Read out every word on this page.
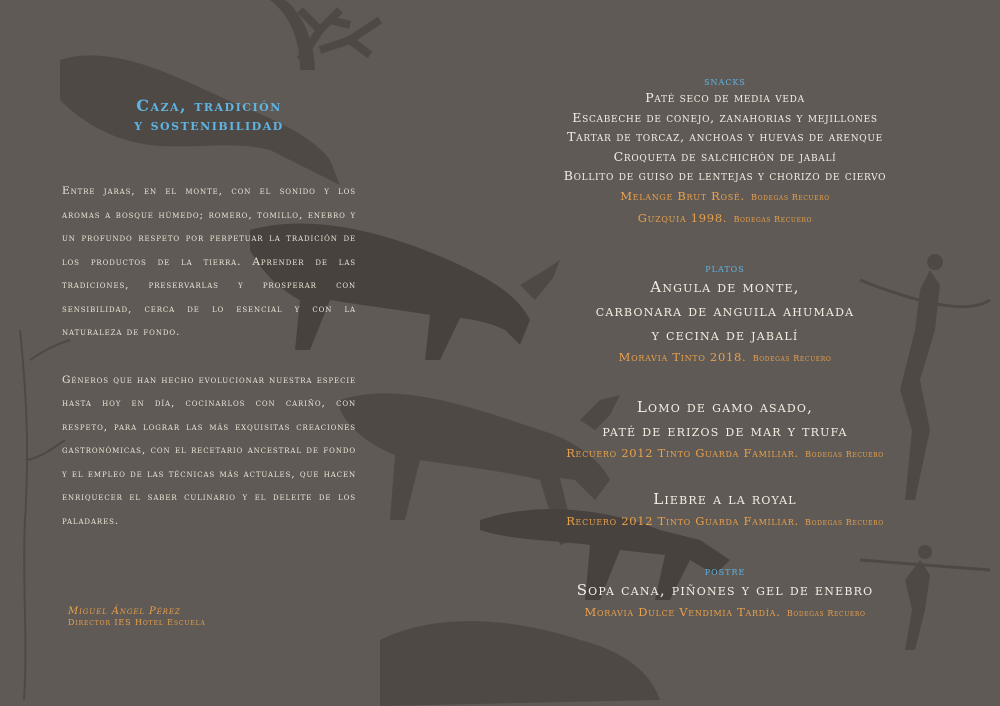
Caza, tradición
y sostenibilidad

Entre jaras, en el monte, con el sonido y los aromas a bosque húmedo; romero, tomillo, enebro y un profundo respeto por perpetuar la tradición de los productos de la tierra. Aprender de las tradiciones, preservarlas y prosperar con sensibilidad, cerca de lo esencial y con la naturaleza de fondo.

Géneros que han hecho evolucionar nuestra especie hasta hoy en día, cocinarlos con cariño, con respeto, para lograr las más exquisitas creaciones gastronómicas, con el recetario ancestral de fondo y el empleo de las técnicas más actuales, que hacen enriquecer el saber culinario y el deleite de los paladares.

Miguel Ángel Pérez
Director IES Hotel Escuela
snacks
Paté seco de media veda
Escabeche de conejo, zanahorias y mejillones
Tartar de torcaz, anchoas y huevas de arenque
Croqueta de salchichón de jabalí
Bollito de guiso de lentejas y chorizo de ciervo
Melange Brut Rosé. Bodegas Recuero
Guzquia 1998. Bodegas Recuero
platos
Angula de monte,
carbonara de anguila ahumada
y cecina de jabalí
Moravia Tinto 2018. Bodegas Recuero
Lomo de gamo asado,
paté de erizos de mar y trufa
Recuero 2012 Tinto Guarda Familiar. Bodegas Recuero
Liebre a la royal
Recuero 2012 Tinto Guarda Familiar. Bodegas Recuero
postre
Sopa cana, piñones y gel de enebro
Moravia Dulce Vendimia Tardía. Bodegas Recuero
